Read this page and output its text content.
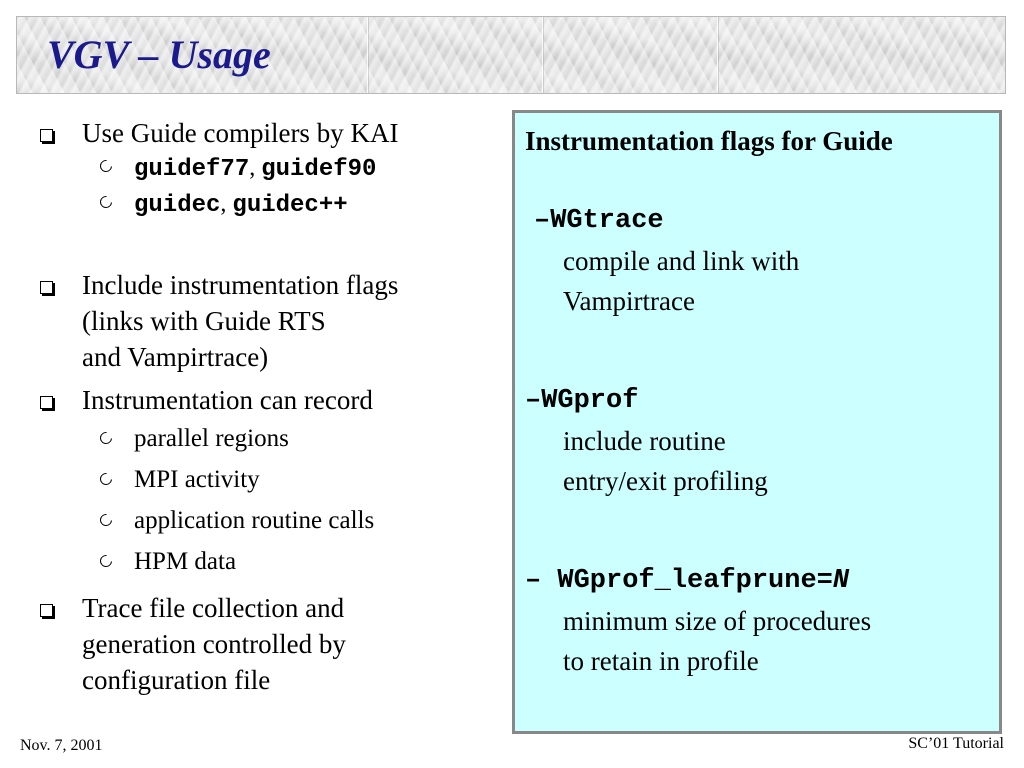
VGV – Usage
Use Guide compilers by KAI
guidef77, guidef90
guidec, guidec++
Include instrumentation flags
(links with Guide RTS
and Vampirtrace)
Instrumentation can record
parallel regions
MPI activity
application routine calls
HPM data
Trace file collection and
generation controlled by
configuration file

Instrumentation flags for Guide

–WGtrace
compile and link with
Vampirtrace
–WGprof
include routine
entry/exit profiling
– WGprof_leafprune=N
minimum size of procedures
to retain in profile
Nov. 7, 2001	SC’01 Tutorial
